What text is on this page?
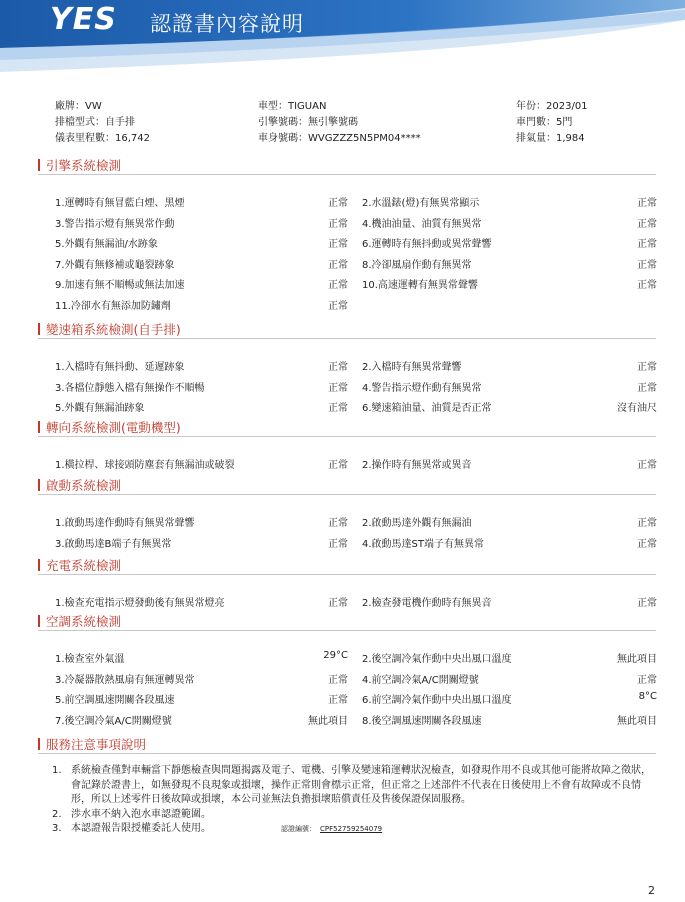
YES 認證書內容說明
廠牌：VW	車型：TIGUAN	年份：2023/01
排檔型式：自手排	引擎號碼：無引擎號碼	車門數：5門
儀表里程數：16,742	車身號碼：WVGZZZ5N5PM04****	排氣量：1,984
引擎系統檢測
1.運轉時有無冒藍白煙、黑煙	正常 2.水溫錶(燈)有無異常顯示	正常
3.警告指示燈有無異常作動	正常 4.機油油量、油質有無異常	正常
5.外觀有無漏油/水跡象	正常 6.運轉時有無抖動或異常聲響	正常
7.外觀有無修補或龜裂跡象	正常 8.冷卻風扇作動有無異常	正常
9.加速有無不順暢或無法加速	正常 10.高速運轉有無異常聲響	正常
11.冷卻水有無添加防鏽劑	正常
變速箱系統檢測(自手排)
1.入檔時有無抖動、延遲跡象	正常 2.入檔時有無異常聲響	正常
3.各檔位靜態入檔有無操作不順暢	正常 4.警告指示燈作動有無異常	正常
5.外觀有無漏油跡象	正常 6.變速箱油量、油質是否正常	沒有油尺
轉向系統檢測(電動機型)
1.橫拉桿、球接頭防塵套有無漏油或破裂	正常 2.操作時有無異常或異音	正常
啟動系統檢測
1.啟動馬達作動時有無異常聲響	正常 2.啟動馬達外觀有無漏油	正常
3.啟動馬達B端子有無異常	正常 4.啟動馬達ST端子有無異常	正常
充電系統檢測
1.檢查充電指示燈發動後有無異常燈亮	正常 2.檢查發電機作動時有無異音	正常
空調系統檢測
1.檢查室外氣溫	29°C 2.後空調冷氣作動中央出風口溫度	無此項目
3.冷凝器散熱風扇有無運轉異常	正常 4.前空調冷氣A/C開關燈號	正常
5.前空調風速開關各段風速	正常 6.前空調冷氣作動中央出風口溫度	8°C
7.後空調冷氣A/C開關燈號	無此項目 8.後空調風速開關各段風速	無此項目
服務注意事項說明
1. 系統檢查僅對車輛當下靜態檢查與問題揭露及電子、電機、引擎及變速箱運轉狀況檢查，如發現作用不良或其他可能將故障之徵狀，會記錄於證書上，如無發現不良現象或損壞，操作正常則會標示正常，但正常之上述部件不代表在日後使用上不會有故障或不良情形，所以上述零件日後故障或損壞，本公司並無法負擔損壞賠償責任及售後保證保固服務。
2. 渉水車不納入泡水車認證範圍。
3. 本認證報告限授權委託人使用。	認證編號： CPF52759254079
2
